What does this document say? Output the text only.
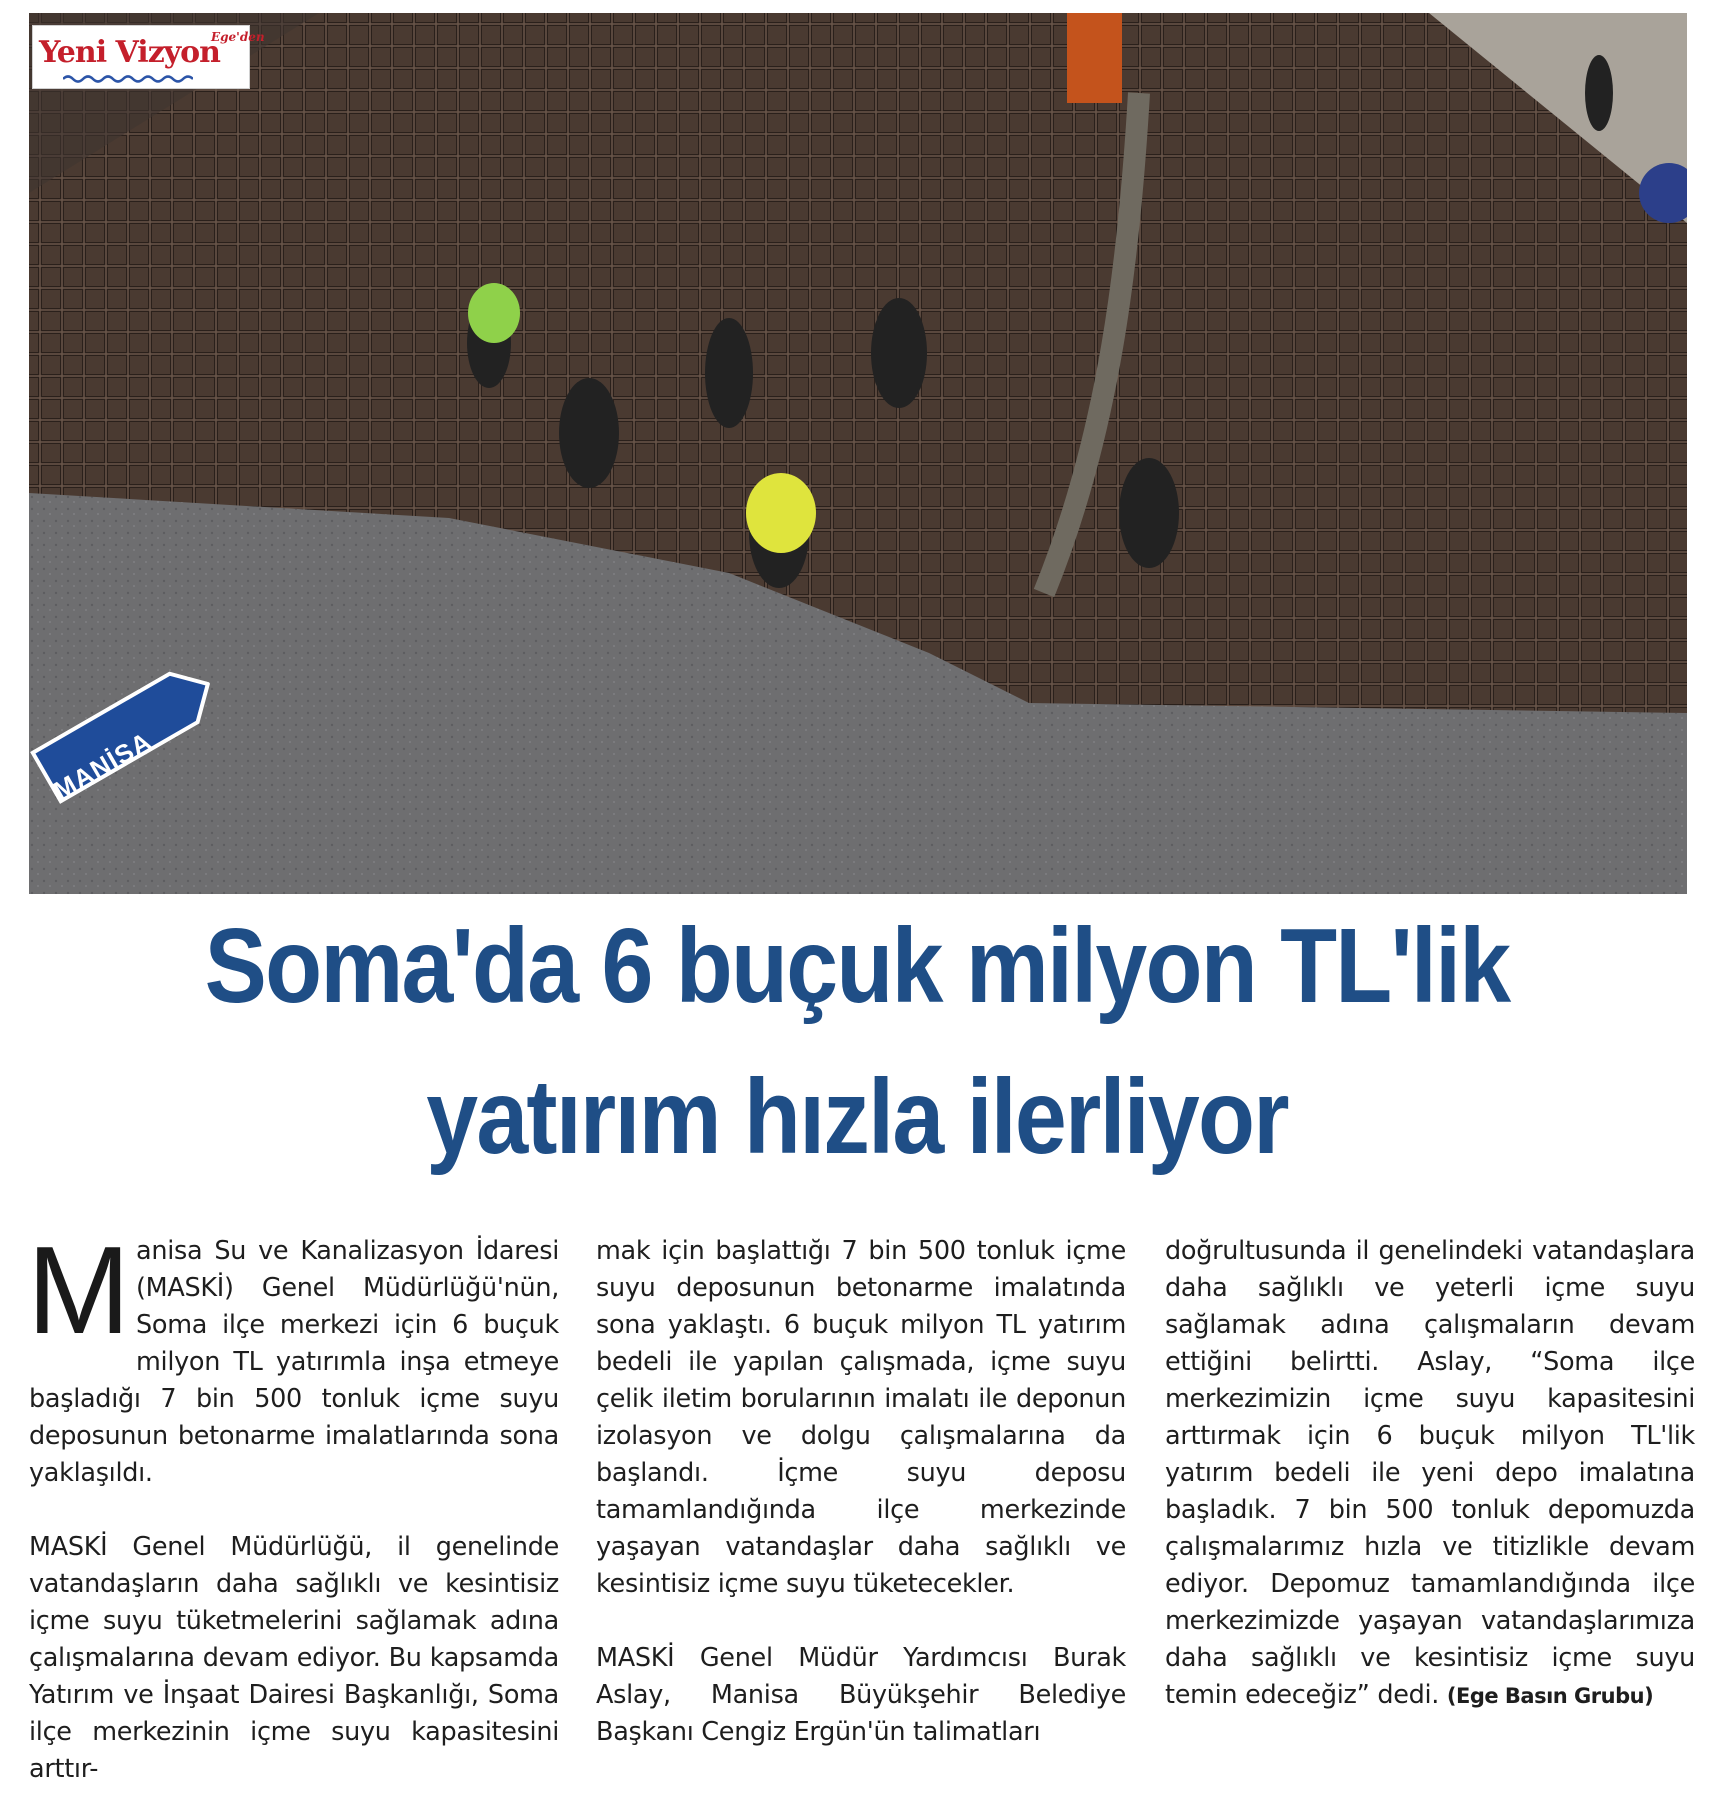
Yeni Vizyon
Ege'den
MANİSA
Soma'da 6 buçuk milyon TL'lik
yatırım hızla ilerliyor

Manisa Su ve Kanalizasyon İdaresi (MASKİ) Genel Müdürlüğü'nün, Soma ilçe merkezi için 6 buçuk milyon TL yatırımla inşa etmeye başladığı 7 bin 500 tonluk içme suyu deposunun betonarme imalatlarında sona yaklaşıldı.

MASKİ Genel Müdürlüğü, il genelinde vatandaşların daha sağlıklı ve kesintisiz içme suyu tüketmelerini sağlamak adına çalışmalarına devam ediyor. Bu kapsamda Yatırım ve İnşaat Dairesi Başkanlığı, Soma ilçe merkezinin içme suyu kapasitesini arttır-

mak için başlattığı 7 bin 500 tonluk içme suyu deposunun betonarme imalatında sona yaklaştı. 6 buçuk milyon TL yatırım bedeli ile yapılan çalışmada, içme suyu çelik iletim borularının imalatı ile deponun izolasyon ve dolgu çalışmalarına da başlandı. İçme suyu deposu tamamlandığında ilçe merkezinde yaşayan vatandaşlar daha sağlıklı ve kesintisiz içme suyu tüketecekler.

MASKİ Genel Müdür Yardımcısı Burak Aslay, Manisa Büyükşehir Belediye Başkanı Cengiz Ergün'ün talimatları

doğrultusunda il genelindeki vatandaşlara daha sağlıklı ve yeterli içme suyu sağlamak adına çalışmaların devam ettiğini belirtti. Aslay, “Soma ilçe merkezimizin içme suyu kapasitesini arttırmak için 6 buçuk milyon TL'lik yatırım bedeli ile yeni depo imalatına başladık. 7 bin 500 tonluk depomuzda çalışmalarımız hızla ve titizlikle devam ediyor. Depomuz tamamlandığında ilçe merkezimizde yaşayan vatandaşlarımıza daha sağlıklı ve kesintisiz içme suyu temin edeceğiz” dedi. (Ege Basın Grubu)
